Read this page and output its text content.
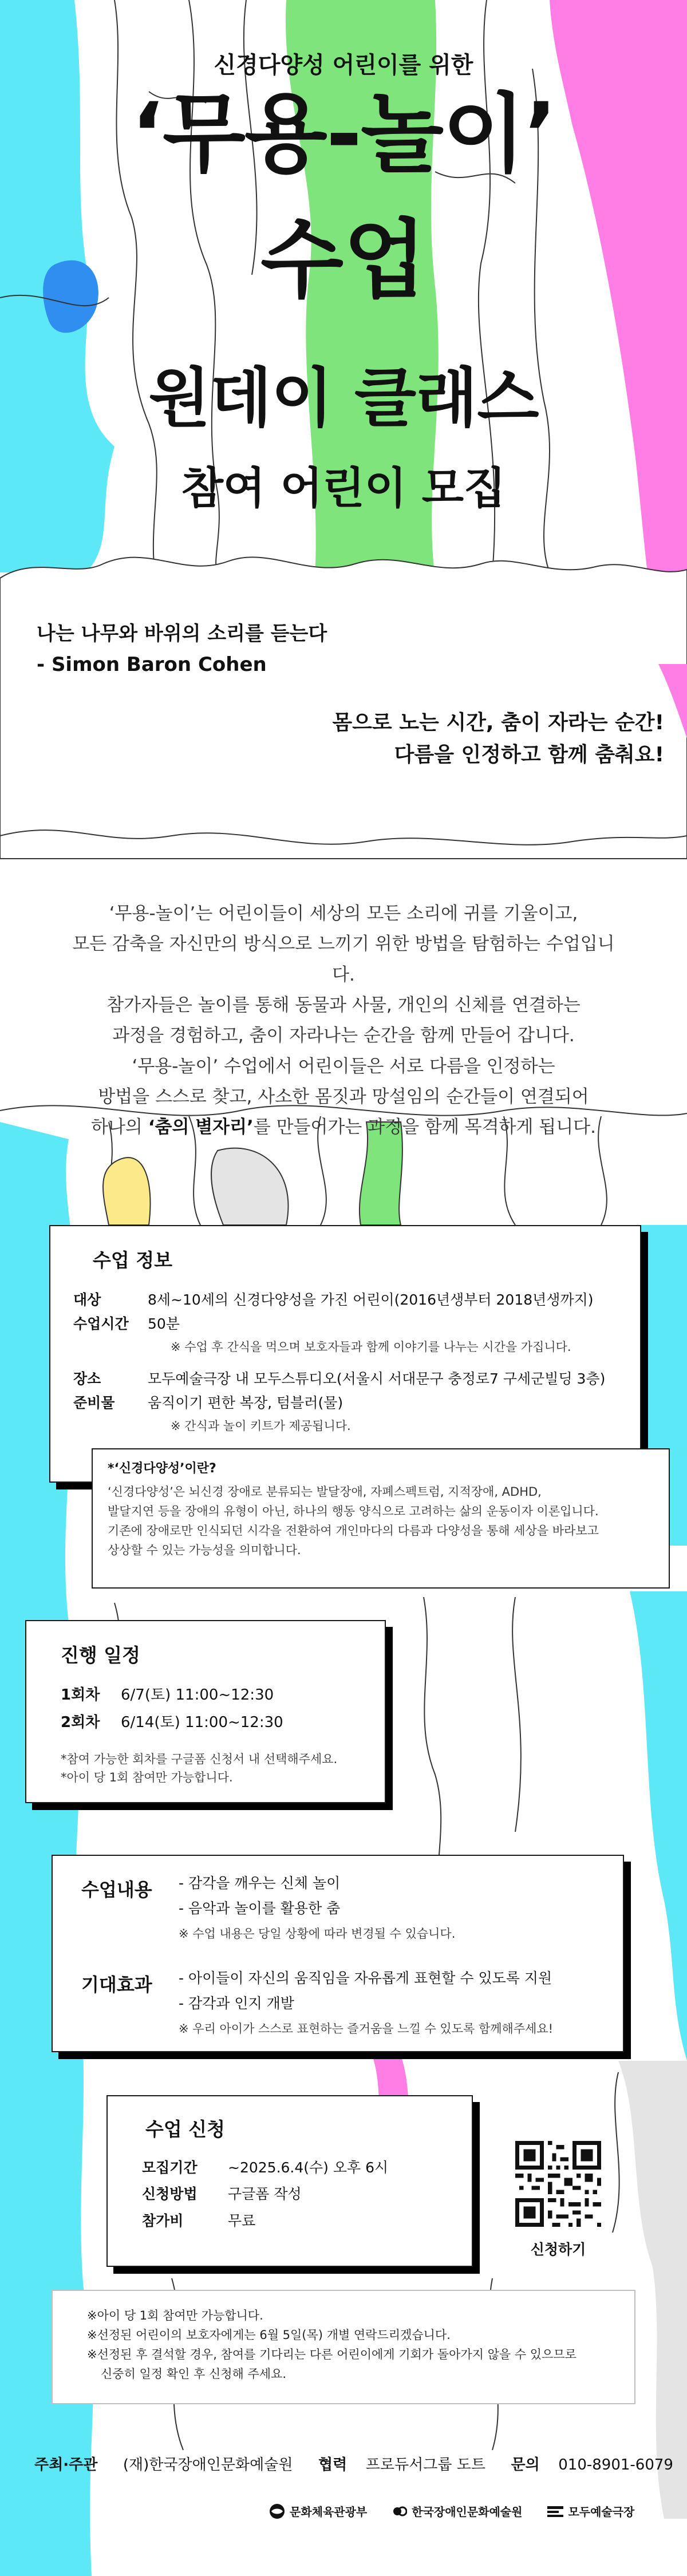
신경다양성 어린이를 위한
‘무용-놀이’
수업
원데이 클래스
참여 어린이 모집
나는 나무와 바위의 소리를 듣는다
- Simon Baron Cohen
몸으로 노는 시간, 춤이 자라는 순간!
다름을 인정하고 함께 춤춰요!
‘무용-놀이’는 어린이들이 세상의 모든 소리에 귀를 기울이고,
모든 감축을 자신만의 방식으로 느끼기 위한 방법을 탐험하는 수업입니다.
참가자들은 놀이를 통해 동물과 사물, 개인의 신체를 연결하는
과정을 경험하고, 춤이 자라나는 순간을 함께 만들어 갑니다.
‘무용-놀이’ 수업에서 어린이들은 서로 다름을 인정하는
방법을 스스로 찾고, 사소한 몸짓과 망설임의 순간들이 연결되어
하나의 ‘춤의 별자리’를 만들어가는 과정을 함께 목격하게 됩니다.
수업 정보
대상	8세~10세의 신경다양성을 가진 어린이(2016년생부터 2018년생까지)
수업시간	50분
※ 수업 후 간식을 먹으며 보호자들과 함께 이야기를 나누는 시간을 가집니다.
장소	모두예술극장 내 모두스튜디오(서울시 서대문구 충정로7 구세군빌딩 3층)
준비물	움직이기 편한 복장, 텀블러(물)
※ 간식과 놀이 키트가 제공됩니다.
*‘신경다양성’이란?
‘신경다양성’은 뇌신경 장애로 분류되는 발달장애, 자폐스펙트럼, 지적장애, ADHD,
발달지연 등을 장애의 유형이 아닌, 하나의 행동 양식으로 고려하는 삶의 운동이자 이론입니다.
기존에 장애로만 인식되던 시각을 전환하여 개인마다의 다름과 다양성을 통해 세상을 바라보고
상상할 수 있는 가능성을 의미합니다.
진행 일정
1회차	6/7(토) 11:00~12:30
2회차	6/14(토) 11:00~12:30
*참여 가능한 회차를 구글폼 신청서 내 선택해주세요.
*아이 당 1회 참여만 가능합니다.
수업내용	- 감각을 깨우는 신체 놀이
- 음악과 놀이를 활용한 춤
※ 수업 내용은 당일 상황에 따라 변경될 수 있습니다.
기대효과	- 아이들이 자신의 움직임을 자유롭게 표현할 수 있도록 지원
- 감각과 인지 개발
※ 우리 아이가 스스로 표현하는 즐거움을 느낄 수 있도록 함께해주세요!
수업 신청
모집기간	~2025.6.4(수) 오후 6시
신청방법	구글폼 작성
참가비	무료
신청하기
※아이 당 1회 참여만 가능합니다.
※선정된 어린이의 보호자에게는 6월 5일(목) 개별 연락드리겠습니다.
※선정된 후 결석할 경우, 참여를 기다리는 다른 어린이에게 기회가 돌아가지 않을 수 있으므로
신중히 일정 확인 후 신청해 주세요.
주최·주관 (재)한국장애인문화예술원 협력 프로듀서그룹 도트 문의 010-8901-6079
문화체육관광부	한국장애인문화예술원	모두예술극장
